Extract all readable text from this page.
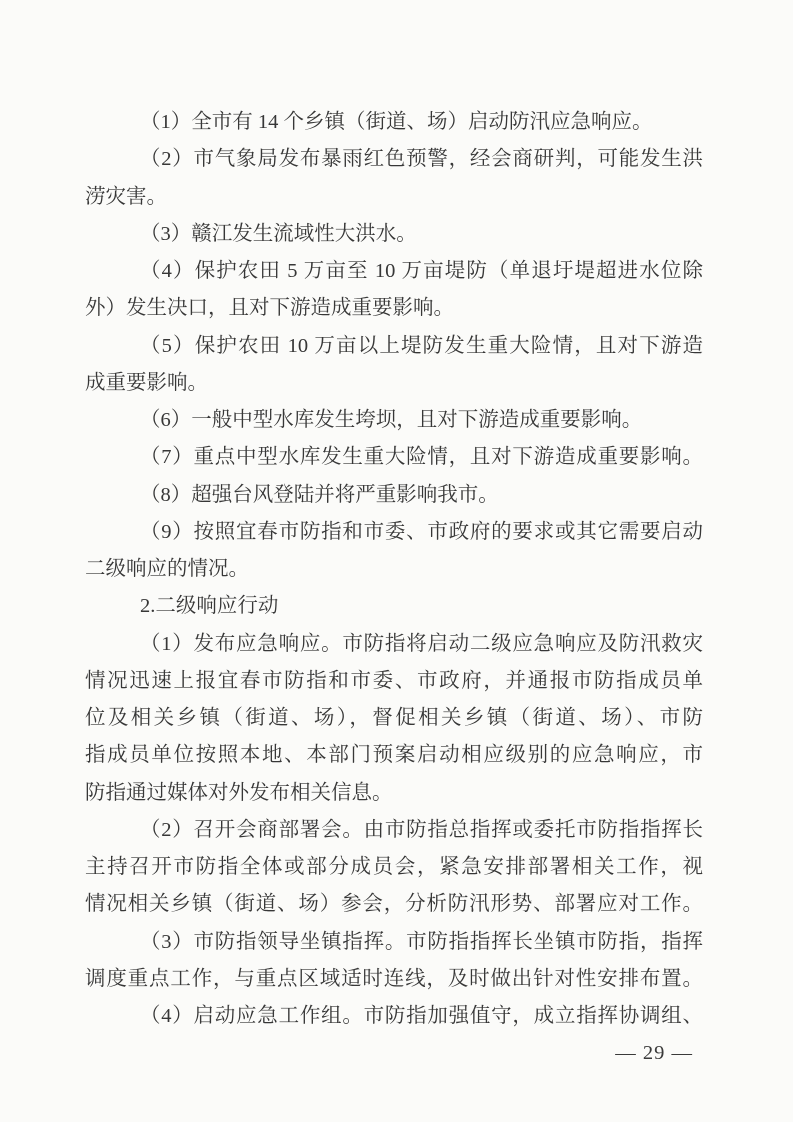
（1）全市有 14 个乡镇（街道、场）启动防汛应急响应。
（2）市气象局发布暴雨红色预警，经会商研判，可能发生洪
涝灾害。
（3）赣江发生流域性大洪水。
（4）保护农田 5 万亩至 10 万亩堤防（单退圩堤超进水位除
外）发生决口，且对下游造成重要影响。
（5）保护农田 10 万亩以上堤防发生重大险情，且对下游造
成重要影响。
（6）一般中型水库发生垮坝，且对下游造成重要影响。
（7）重点中型水库发生重大险情，且对下游造成重要影响。
（8）超强台风登陆并将严重影响我市。
（9）按照宜春市防指和市委、市政府的要求或其它需要启动
二级响应的情况。
2.二级响应行动
（1）发布应急响应。市防指将启动二级应急响应及防汛救灾
情况迅速上报宜春市防指和市委、市政府，并通报市防指成员单
位及相关乡镇（街道、场），督促相关乡镇（街道、场）、市防
指成员单位按照本地、本部门预案启动相应级别的应急响应，市
防指通过媒体对外发布相关信息。
（2）召开会商部署会。由市防指总指挥或委托市防指指挥长
主持召开市防指全体或部分成员会，紧急安排部署相关工作，视
情况相关乡镇（街道、场）参会，分析防汛形势、部署应对工作。
（3）市防指领导坐镇指挥。市防指指挥长坐镇市防指，指挥
调度重点工作，与重点区域适时连线，及时做出针对性安排布置。
（4）启动应急工作组。市防指加强值守，成立指挥协调组、
— 29 —
